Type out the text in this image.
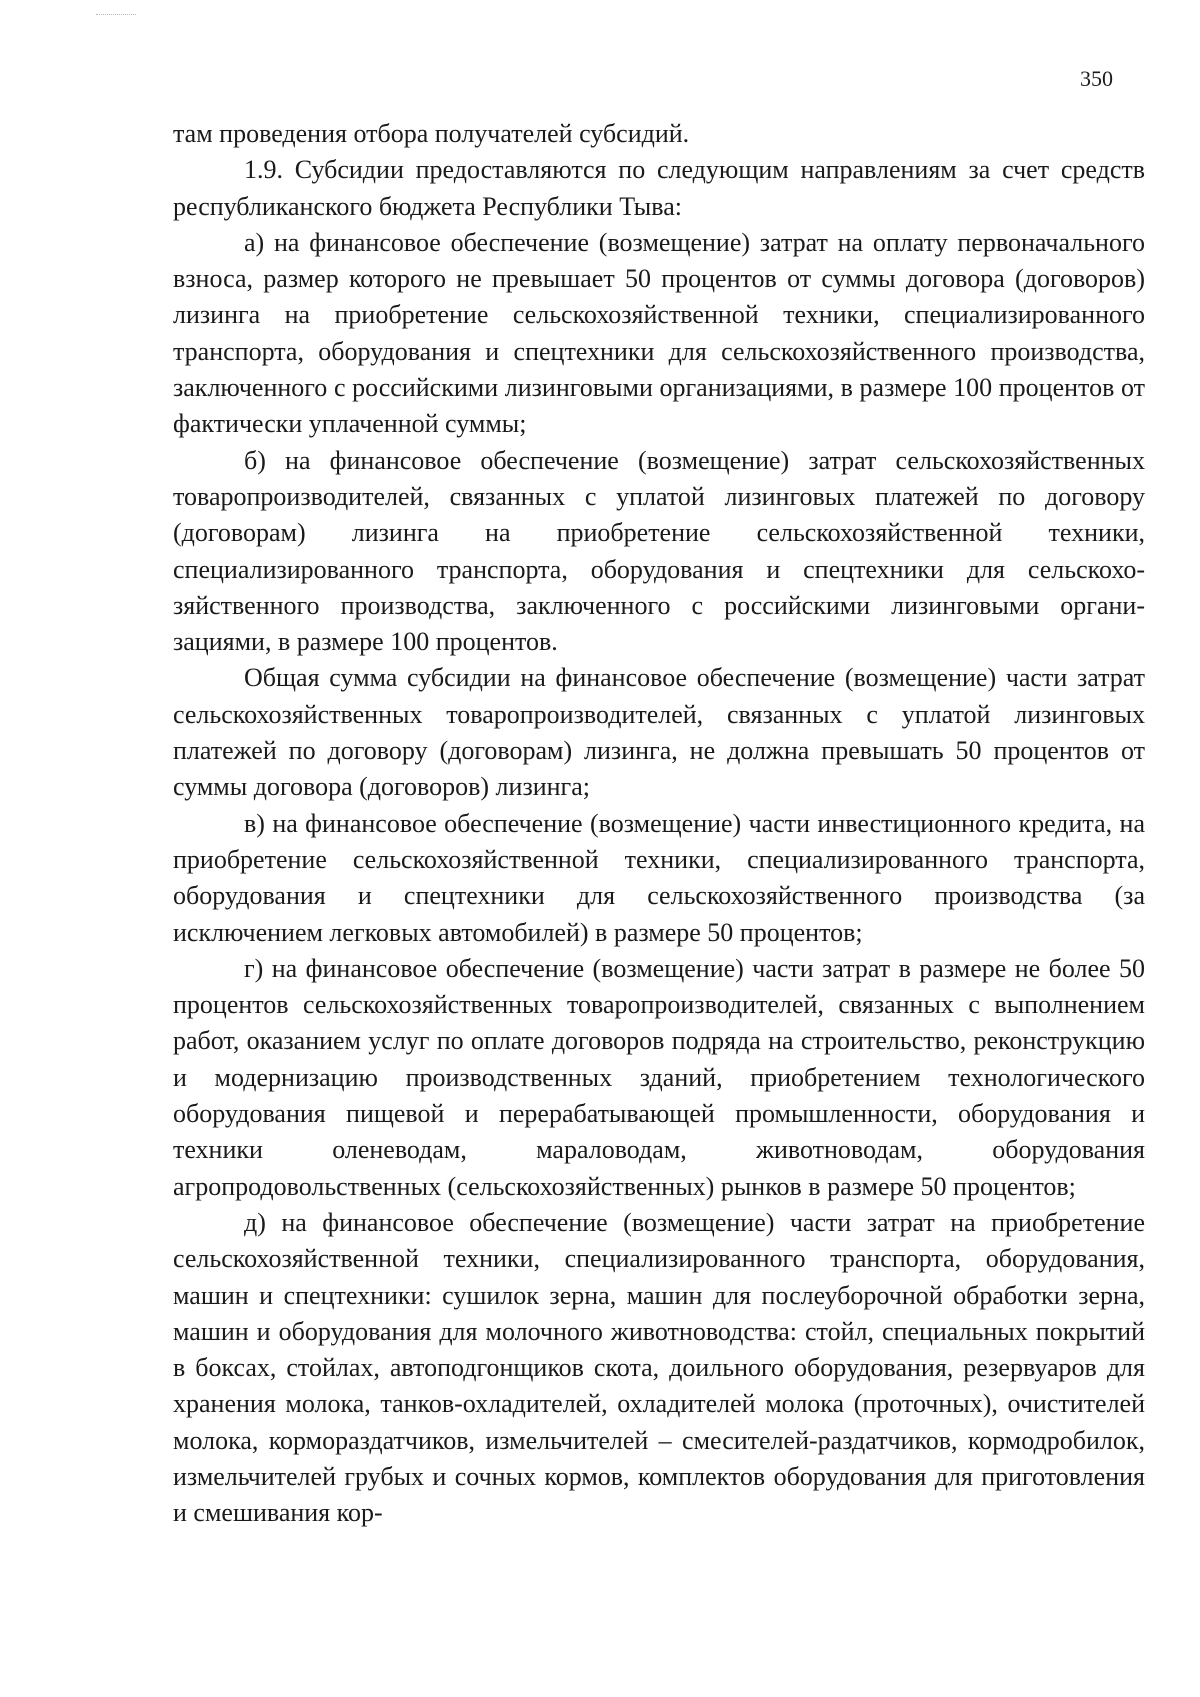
350

там проведения отбора получателей субсидий.

1.9. Субсидии предоставляются по следующим направлениям за счет средств республиканского бюджета Республики Тыва:

а) на финансовое обеспечение (возмещение) затрат на оплату первоначального взноса, размер которого не превышает 50 процентов от суммы договора (договоров) лизинга на приобретение сельскохозяйственной техники, специализированного транспорта, оборудования и спецтехники для сельскохозяйственного производства, заключенного с российскими лизинговыми организациями, в размере 100 процентов от фактически уплаченной суммы;

б) на финансовое обеспечение (возмещение) затрат сельскохозяйственных товаропроизводителей, связанных с уплатой лизинговых платежей по договору (договорам) лизинга на приобретение сельскохозяйственной техники, специализированного транспорта, оборудования и спецтехники для сельскохозяйственного производства, заключенного с российскими лизинговыми организациями, в размере 100 процентов.

Общая сумма субсидии на финансовое обеспечение (возмещение) части затрат сельскохозяйственных товаропроизводителей, связанных с уплатой лизинговых платежей по договору (договорам) лизинга, не должна превышать 50 процентов от суммы договора (договоров) лизинга;

в) на финансовое обеспечение (возмещение) части инвестиционного кредита, на приобретение сельскохозяйственной техники, специализированного транспорта, оборудования и спецтехники для сельскохозяйственного производства (за исключением легковых автомобилей) в размере 50 процентов;

г) на финансовое обеспечение (возмещение) части затрат в размере не более 50 процентов сельскохозяйственных товаропроизводителей, связанных с выполнением работ, оказанием услуг по оплате договоров подряда на строительство, реконструкцию и модернизацию производственных зданий, приобретением технологического оборудования пищевой и перерабатывающей промышленности, оборудования и техники оленеводам, мараловодам, животноводам, оборудования агропродовольственных (сельскохозяйственных) рынков в размере 50 процентов;

д) на финансовое обеспечение (возмещение) части затрат на приобретение сельскохозяйственной техники, специализированного транспорта, оборудования, машин и спецтехники: сушилок зерна, машин для послеуборочной обработки зерна, машин и оборудования для молочного животноводства: стойл, специальных покрытий в боксах, стойлах, автоподгонщиков скота, доильного оборудования, резервуаров для хранения молока, танков-охладителей, охладителей молока (проточных), очистителей молока, кормораздатчиков, измельчителей – смесителей-раздатчиков, кормодробилок, измельчителей грубых и сочных кормов, комплектов оборудования для приготовления и смешивания кор-
